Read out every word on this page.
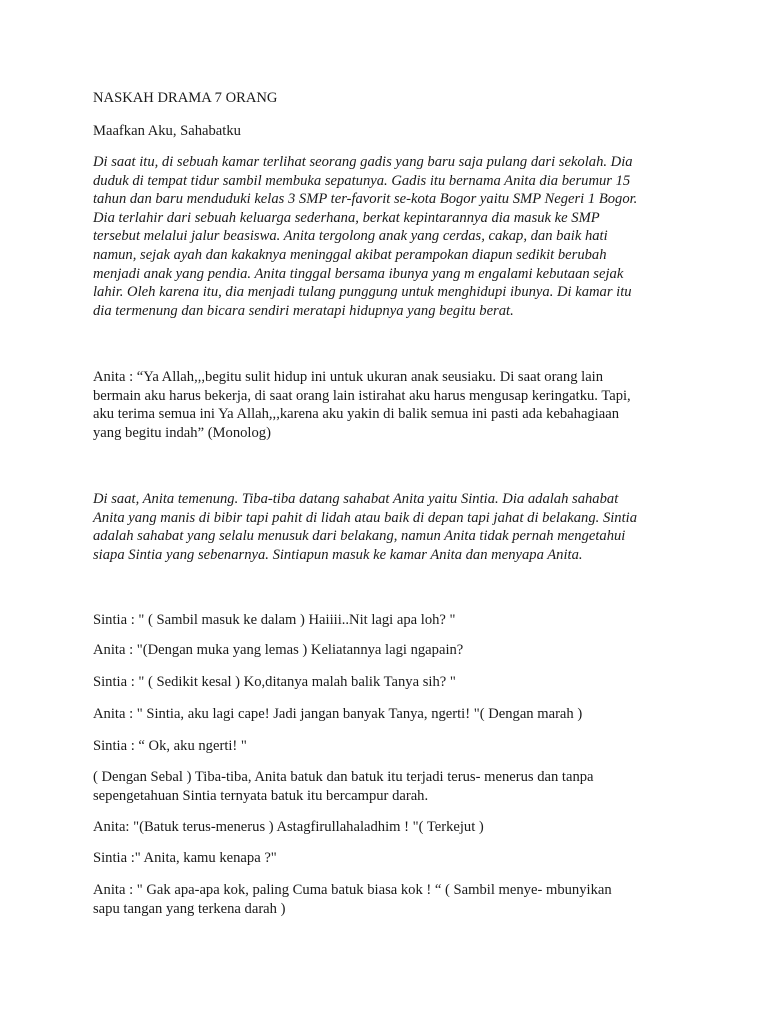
NASKAH DRAMA 7 ORANG
Maafkan Aku, Sahabatku
Di saat itu, di sebuah kamar terlihat seorang gadis yang baru saja pulang dari sekolah. Dia
duduk di tempat tidur sambil membuka sepatunya. Gadis itu bernama Anita dia berumur 15
tahun dan baru menduduki kelas 3 SMP ter-favorit se-kota Bogor yaitu SMP Negeri 1 Bogor.
Dia terlahir dari sebuah keluarga sederhana, berkat kepintarannya dia masuk ke SMP
tersebut melalui jalur beasiswa. Anita tergolong anak yang cerdas, cakap, dan baik hati
namun, sejak ayah dan kakaknya meninggal akibat perampokan diapun sedikit berubah
menjadi anak yang pendia. Anita tinggal bersama ibunya yang m engalami kebutaan sejak
lahir. Oleh karena itu, dia menjadi tulang punggung untuk menghidupi ibunya. Di kamar itu
dia termenung dan bicara sendiri meratapi hidupnya yang begitu berat.
Anita : “Ya Allah,,,begitu sulit hidup ini untuk ukuran anak seusiaku. Di saat orang lain
bermain aku harus bekerja, di saat orang lain istirahat aku harus mengusap keringatku. Tapi,
aku terima semua ini Ya Allah,,,karena aku yakin di balik semua ini pasti ada kebahagiaan
yang begitu indah” (Monolog)
Di saat, Anita temenung. Tiba-tiba datang sahabat Anita yaitu Sintia. Dia adalah sahabat
Anita yang manis di bibir tapi pahit di lidah atau baik di depan tapi jahat di belakang. Sintia
adalah sahabat yang selalu menusuk dari belakang, namun Anita tidak pernah mengetahui
siapa Sintia yang sebenarnya. Sintiapun masuk ke kamar Anita dan menyapa Anita.
Sintia : " ( Sambil masuk ke dalam ) Haiiii..Nit lagi apa loh? "
Anita : "(Dengan muka yang lemas ) Keliatannya lagi ngapain?
Sintia : " ( Sedikit kesal ) Ko,ditanya malah balik Tanya sih? "
Anita : " Sintia, aku lagi cape! Jadi jangan banyak Tanya, ngerti! "( Dengan marah )
Sintia : “ Ok, aku ngerti! "
( Dengan Sebal ) Tiba-tiba, Anita batuk dan batuk itu terjadi terus- menerus dan tanpa
sepengetahuan Sintia ternyata batuk itu bercampur darah.
Anita: "(Batuk terus-menerus ) Astagfirullahaladhim ! "( Terkejut )
Sintia :" Anita, kamu kenapa ?"
Anita : " Gak apa-apa kok, paling Cuma batuk biasa kok ! “ ( Sambil menye- mbunyikan
sapu tangan yang terkena darah )
